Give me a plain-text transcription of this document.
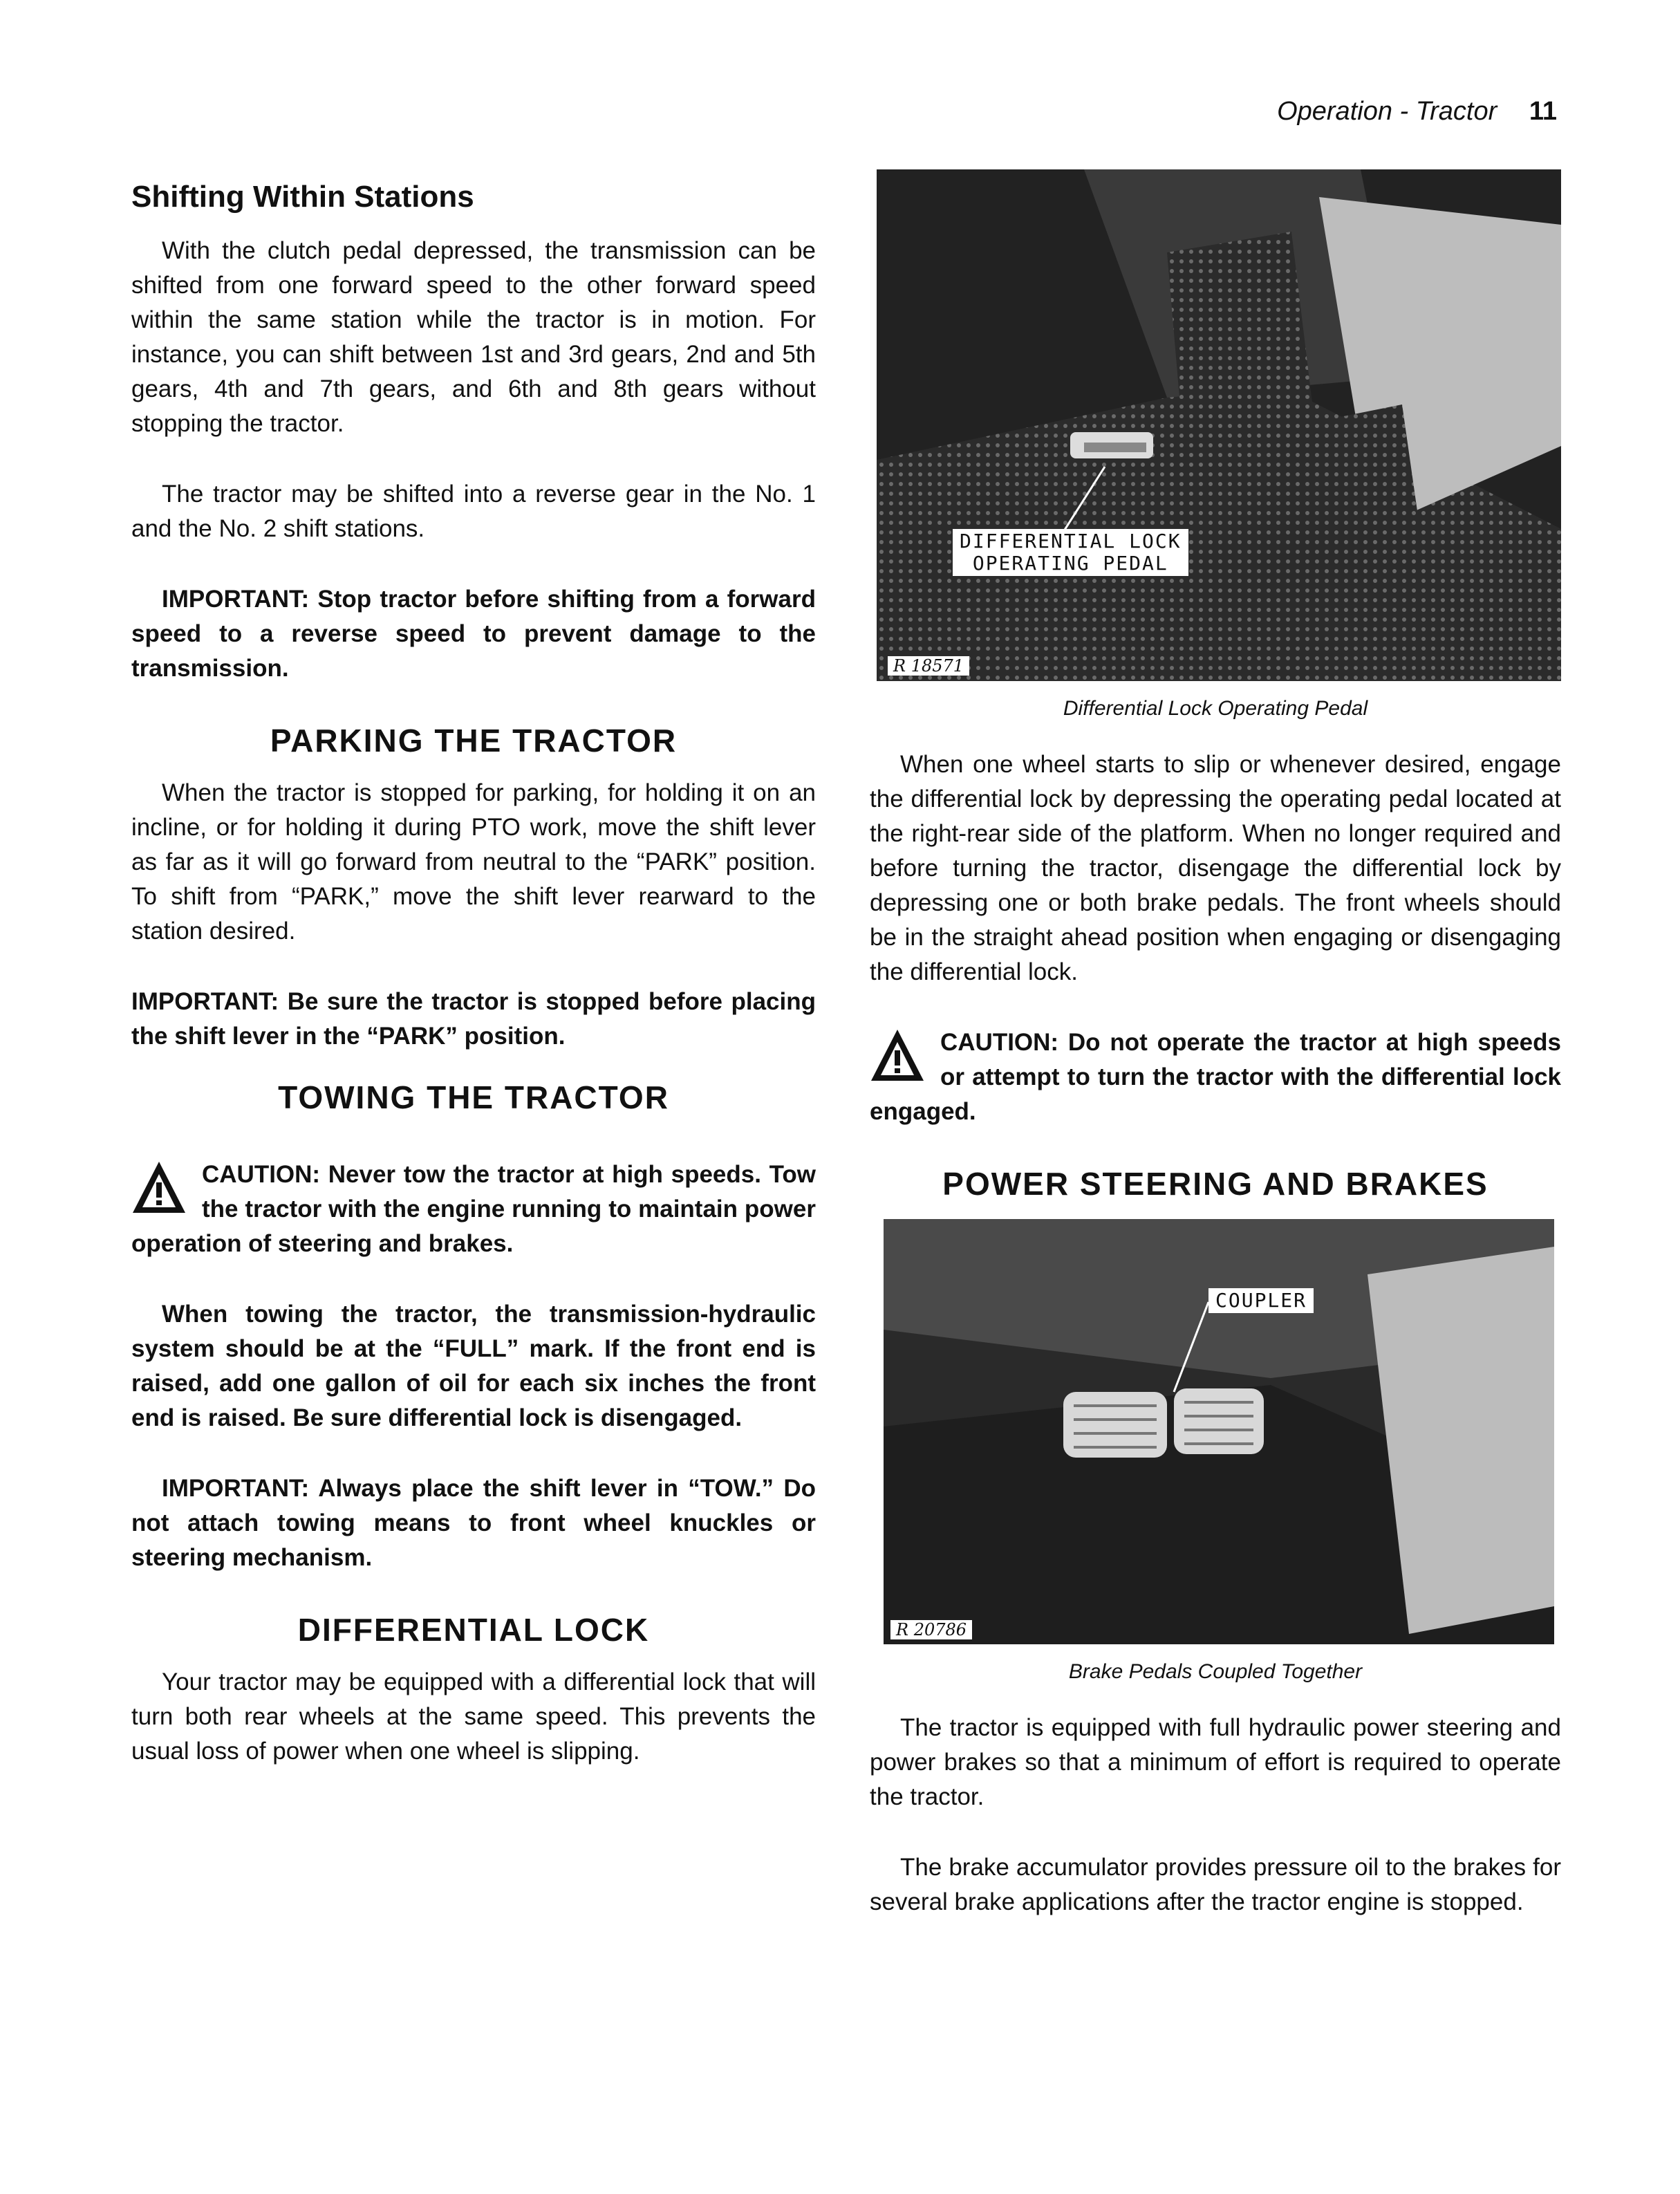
Operation - Tractor 11
Shifting Within Stations

With the clutch pedal depressed, the transmission can be shifted from one forward speed to the other forward speed within the same station while the tractor is in motion. For instance, you can shift between 1st and 3rd gears, 2nd and 5th gears, 4th and 7th gears, and 6th and 8th gears without stopping the tractor.

The tractor may be shifted into a reverse gear in the No. 1 and the No. 2 shift stations.

IMPORTANT: Stop tractor before shifting from a forward speed to a reverse speed to prevent damage to the transmission.

PARKING THE TRACTOR

When the tractor is stopped for parking, for holding it on an incline, or for holding it during PTO work, move the shift lever as far as it will go forward from neutral to the “PARK” position. To shift from “PARK,” move the shift lever rearward to the station desired.

IMPORTANT: Be sure the tractor is stopped before placing the shift lever in the “PARK” position.

TOWING THE TRACTOR

CAUTION: Never tow the tractor at high speeds. Tow the tractor with the engine running to maintain power operation of steering and brakes.

When towing the tractor, the transmission-hydraulic system should be at the “FULL” mark. If the front end is raised, add one gallon of oil for each six inches the front end is raised. Be sure differential lock is disengaged.

IMPORTANT: Always place the shift lever in “TOW.” Do not attach towing means to front wheel knuckles or steering mechanism.

DIFFERENTIAL LOCK

Your tractor may be equipped with a differential lock that will turn both rear wheels at the same speed. This prevents the usual loss of power when one wheel is slipping.

DIFFERENTIAL LOCK
OPERATING PEDAL
R 18571

Differential Lock Operating Pedal

When one wheel starts to slip or whenever desired, engage the differential lock by depressing the operating pedal located at the right-rear side of the platform. When no longer required and before turning the tractor, disengage the differential lock by depressing one or both brake pedals. The front wheels should be in the straight ahead position when engaging or disengaging the differential lock.

CAUTION: Do not operate the tractor at high speeds or attempt to turn the tractor with the differential lock engaged.

POWER STEERING AND BRAKES
COUPLER
R 20786

Brake Pedals Coupled Together

The tractor is equipped with full hydraulic power steering and power brakes so that a minimum of effort is required to operate the tractor.

The brake accumulator provides pressure oil to the brakes for several brake applications after the tractor engine is stopped.
